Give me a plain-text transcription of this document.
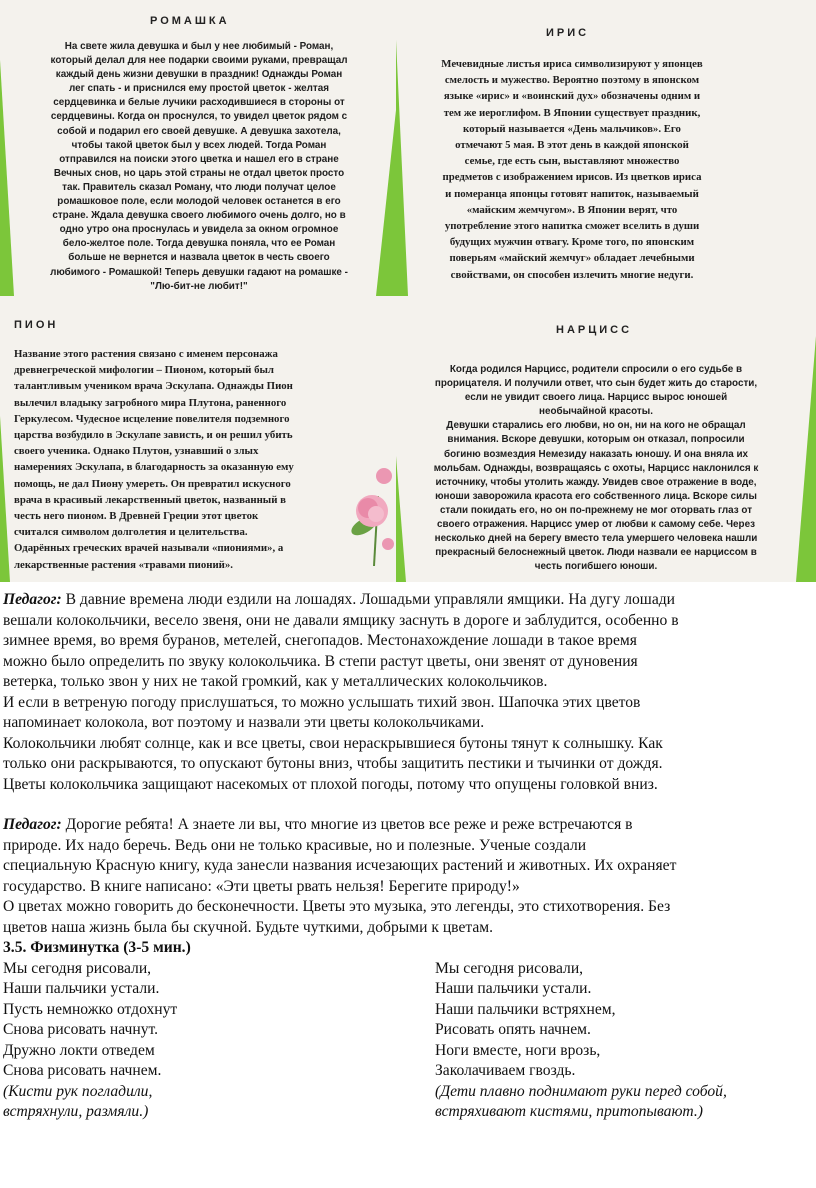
РОМАШКА
На свете жила девушка и был у нее любимый - Роман,
который делал для нее подарки своими руками, превращал
каждый день жизни девушки в праздник! Однажды Роман
лег спать - и приснился ему простой цветок - желтая
сердцевинка и белые лучики расходившиеся в стороны от
сердцевины. Когда он проснулся, то увидел цветок рядом с
собой и подарил его своей девушке. А девушка захотела,
чтобы такой цветок был у всех людей. Тогда Роман
отправился на поиски этого цветка и нашел его в стране
Вечных снов, но царь этой страны не отдал цветок просто
так. Правитель сказал Роману, что люди получат целое
ромашковое поле, если молодой человек останется в его
стране. Ждала девушка своего любимого очень долго, но в
одно утро она проснулась и увидела за окном огромное
бело-желтое поле. Тогда девушка поняла, что ее Роман
больше не вернется и назвала цветок в честь своего
любимого - Ромашкой! Теперь девушки гадают на ромашке -
"Лю-бит-не любит!"
ИРИС
Мечевидные листья ириса символизируют у японцев
смелость и мужество. Вероятно поэтому в японском
языке «ирис» и «воинский дух» обозначены одним и
тем же иероглифом. В Японии существует праздник,
который называется «День мальчиков». Его
отмечают 5 мая. В этот день в каждой японской
семье, где есть сын, выставляют множество
предметов с изображением ирисов. Из цветков ириса
и померанца японцы готовят напиток, называемый
«майским жемчугом». В Японии верят, что
употребление этого напитка сможет вселить в души
будущих мужчин отвагу. Кроме того, по японским
поверьям «майский жемчуг» обладает лечебными
свойствами, он способен излечить многие недуги.
ПИОН
Название этого растения связано с именем персонажа
древнегреческой мифологии – Пионом, который был
талантливым учеником врача Эскулапа. Однажды Пион
вылечил владыку загробного мира Плутона, раненного
Геркулесом. Чудесное исцеление повелителя подземного
царства возбудило в Эскулапе зависть, и он решил убить
своего ученика. Однако Плутон, узнавший о злых
намерениях Эскулапа, в благодарность за оказанную ему
помощь, не дал Пиону умереть. Он превратил искусного
врача в красивый лекарственный цветок, названный в
честь него пионом. В Древней Греции этот цветок
считался символом долголетия и целительства.
Одарённых греческих врачей называли «пиониями», а
лекарственные растения «травами пионий».
НАРЦИСС
Когда родился Нарцисс, родители спросили о его судьбе в
прорицателя. И получили ответ, что сын будет жить до старости,
если не увидит своего лица. Нарцисс вырос юношей
необычайной красоты.
Девушки старались его любви, но он, ни на кого не обращал
внимания. Вскоре девушки, которым он отказал, попросили
богиню возмездия Немезиду наказать юношу. И она вняла их
мольбам. Однажды, возвращаясь с охоты, Нарцисс наклонился к
источнику, чтобы утолить жажду. Увидев свое отражение в воде,
юноши заворожила красота его собственного лица. Вскоре силы
стали покидать его, но он по-прежнему не мог оторвать глаз от
своего отражения. Нарцисс умер от любви к самому себе. Через
несколько дней на берегу вместо тела умершего человека нашли
прекрасный белоснежный цветок. Люди назвали ее нарциссом в
честь погибшего юноши.

Педагог: В давние времена люди ездили на лошадях. Лошадьми управляли ямщики. На дугу лошади
вешали колокольчики, весело звеня, они не давали ямщику заснуть в дороге и заблудится, особенно в
зимнее время, во время буранов, метелей, снегопадов. Местонахождение лошади в такое время
можно было определить по звуку колокольчика. В степи растут цветы, они звенят от дуновения
ветерка, только звон у них не такой громкий, как у металлических колокольчиков.
И если в ветреную погоду прислушаться, то можно услышать тихий звон. Шапочка этих цветов
напоминает колокола, вот поэтому и назвали эти цветы колокольчиками.
Колокольчики любят солнце, как и все цветы, свои нераскрывшиеся бутоны тянут к солнышку. Как
только они раскрываются, то опускают бутоны вниз, чтобы защитить пестики и тычинки от дождя.
Цветы колокольчика защищают насекомых от плохой погоды, потому что опущены головкой вниз.

Педагог: Дорогие ребята! А знаете ли вы, что многие из цветов все реже и реже встречаются в
природе. Их надо беречь. Ведь они не только красивые, но и полезные. Ученые создали
специальную Красную книгу, куда занесли названия исчезающих растений и животных. Их охраняет
государство. В книге написано: «Эти цветы рвать нельзя! Берегите природу!»
О цветах можно говорить до бесконечности. Цветы это музыка, это легенды, это стихотворения. Без
цветов наша жизнь была бы скучной. Будьте чуткими, добрыми к цветам.

3.5. Физминутка (3-5 мин.)

Мы сегодня рисовали,
Наши пальчики устали.
Пусть немножко отдохнут
Снова рисовать начнут.
Дружно локти отведем
Снова рисовать начнем.
(Кисти рук погладили,
встряхнули, размяли.)
Мы сегодня рисовали,
Наши пальчики устали.
Наши пальчики встряхнем,
Рисовать опять начнем.
Ноги вместе, ноги врозь,
Заколачиваем гвоздь.
(Дети плавно поднимают руки перед собой,
встряхивают кистями, притопывают.)
